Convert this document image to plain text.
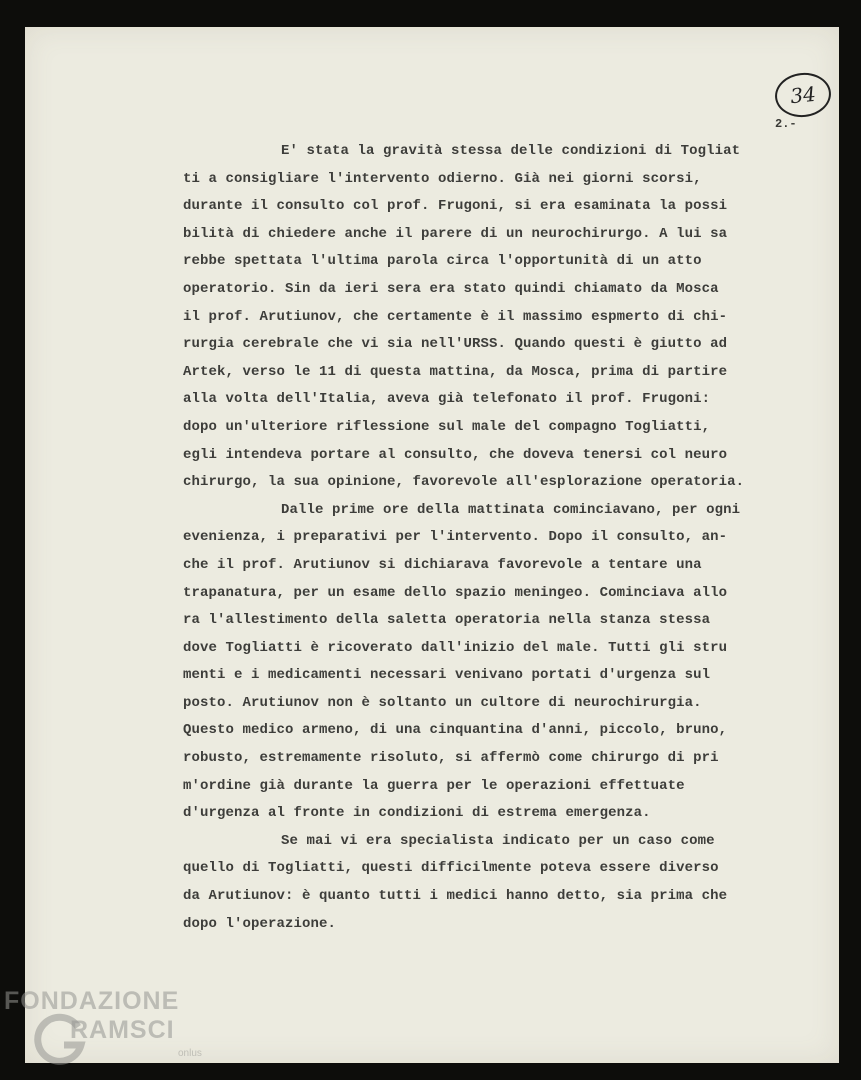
34
2.-
E' stata la gravità stessa delle condizioni di Togliat
ti a consigliare l'intervento odierno. Già nei giorni scorsi,
durante il consulto col prof. Frugoni, si era esaminata la possi
bilità di chiedere anche il parere di un neurochirurgo. A lui sa
rebbe spettata l'ultima parola circa l'opportunità di un atto
operatorio. Sin da ieri sera era stato quindi chiamato da Mosca
il prof. Arutiunov, che certamente è il massimo espmerto di chi-
rurgia cerebrale che vi sia nell'URSS. Quando questi è giutto ad
Artek, verso le 11 di questa mattina, da Mosca, prima di partire
alla volta dell'Italia, aveva già telefonato il prof. Frugoni:
dopo un'ulteriore riflessione sul male del compagno Togliatti,
egli intendeva portare al consulto, che doveva tenersi col neuro
chirurgo, la sua opinione, favorevole all'esplorazione operatoria.
Dalle prime ore della mattinata cominciavano, per ogni
evenienza, i preparativi per l'intervento. Dopo il consulto, an-
che il prof. Arutiunov si dichiarava favorevole a tentare una
trapanatura, per un esame dello spazio meningeo. Cominciava allo
ra l'allestimento della saletta operatoria nella stanza stessa
dove Togliatti è ricoverato dall'inizio del male. Tutti gli stru
menti e i medicamenti necessari venivano portati d'urgenza sul
posto. Arutiunov non è soltanto un cultore di neurochirurgia.
Questo medico armeno, di una cinquantina d'anni, piccolo, bruno,
robusto, estremamente risoluto, si affermò come chirurgo di pri
m'ordine già durante la guerra per le operazioni effettuate
d'urgenza al fronte in condizioni di estrema emergenza.
Se mai vi era specialista indicato per un caso come
quello di Togliatti, questi difficilmente poteva essere diverso
da Arutiunov: è quanto tutti i medici hanno detto, sia prima che
dopo l'operazione.
FONDAZIONE
RAMSCI
onlus
